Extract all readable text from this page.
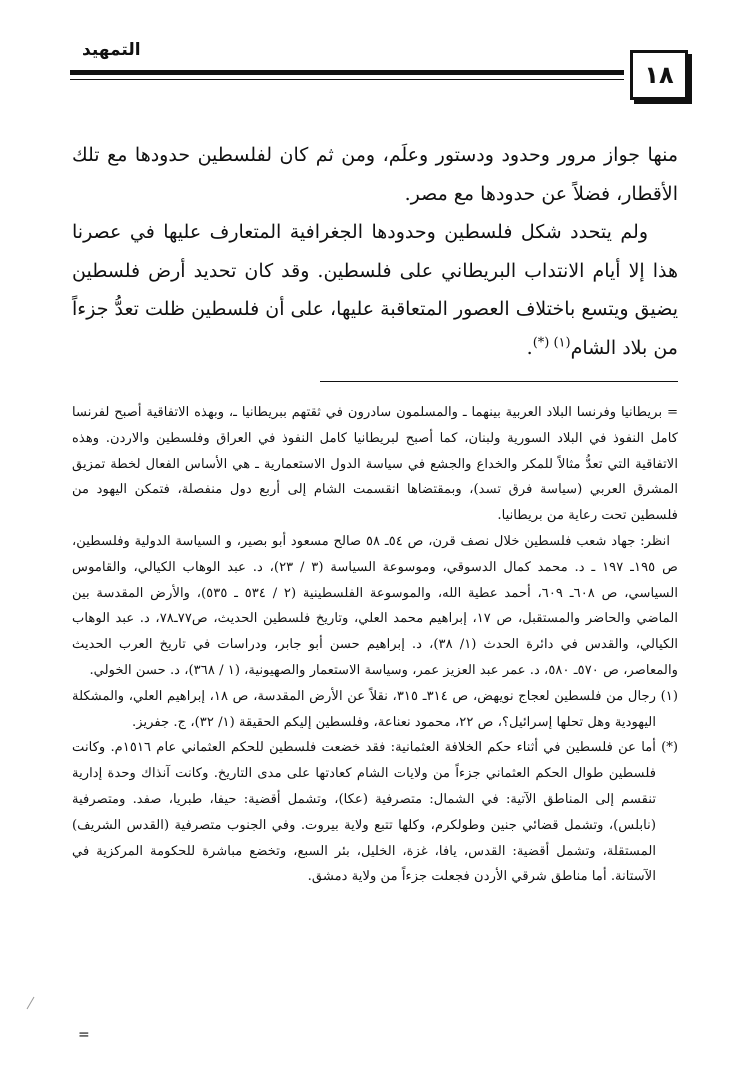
التمهيد
١٨

منها جواز مرور وحدود ودستور وعلَم، ومن ثم كان لفلسطين حدودها مع تلك الأقطار، فضلاً عن حدودها مع مصر.

ولم يتحدد شكل فلسطين وحدودها الجغرافية المتعارف عليها في عصرنا هذا إلا أيام الانتداب البريطاني على فلسطين. وقد كان تحديد أرض فلسطين يضيق ويتسع باختلاف العصور المتعاقبة عليها، على أن فلسطين ظلت تعدُّ جزءاً من بلاد الشام$^{(١) (*)}$.

= بريطانيا وفرنسا البلاد العربية بينهما ـ والمسلمون سادرون في ثقتهم ببريطانيا ـ، وبهذه الاتفاقية أصبح لفرنسا كامل النفوذ في البلاد السورية ولبنان، كما أصبح لبريطانيا كامل النفوذ في العراق وفلسطين والاردن. وهذه الاتفاقية التي تعدُّ مثالاً للمكر والخداع والجشع في سياسة الدول الاستعمارية ـ هي الأساس الفعال لخطة تمزيق المشرق العربي (سياسة فرق تسد)، وبمقتضاها انقسمت الشام إلى أربع دول منفصلة، فتمكن اليهود من فلسطين تحت رعاية من بريطانيا.

انظر: جهاد شعب فلسطين خلال نصف قرن، ص ٥٤ـ ٥٨ صالح مسعود أبو بصير، و السياسة الدولية وفلسطين، ص ١٩٥ـ ١٩٧ ـ د. محمد كمال الدسوقي، وموسوعة السياسة (٣ / ٢٣)، د. عبد الوهاب الكيالي، والقاموس السياسي، ص ٦٠٨ـ ٦٠٩، أحمد عطية الله، والموسوعة الفلسطينية (٢ / ٥٣٤ ـ ٥٣٥)، والأرض المقدسة بين الماضي والحاضر والمستقبل، ص ١٧، إبراهيم محمد العلي، وتاريخ فلسطين الحديث، ص٧٧ـ٧٨، د. عبد الوهاب الكيالي، والقدس في دائرة الحدث (١/ ٣٨)، د. إبراهيم حسن أبو جابر، ودراسات في تاريخ العرب الحديث والمعاصر، ص ٥٧٠ـ ٥٨٠، د. عمر عبد العزيز عمر، وسياسة الاستعمار والصهيونية، (١ / ٣٦٨)، د. حسن الخولي.

(١) رجال من فلسطين لعجاج نويهض، ص ٣١٤ـ ٣١٥، نقلاً عن الأرض المقدسة، ص ١٨، إبراهيم العلي، والمشكلة اليهودية وهل تحلها إسرائيل؟، ص ٢٢، محمود نعناعة، وفلسطين إليكم الحقيقة (١/ ٣٢)، ج. جفريز.

(*) أما عن فلسطين في أثناء حكم الخلافة العثمانية: فقد خضعت فلسطين للحكم العثماني عام ١٥١٦م. وكانت فلسطين طوال الحكم العثماني جزءاً من ولايات الشام كعادتها على مدى التاريخ. وكانت آنذاك وحدة إدارية تنقسم إلى المناطق الآتية: في الشمال: متصرفية (عكا)، وتشمل أقضية: حيفا، طبريا، صفد. ومتصرفية (نابلس)، وتشمل قضائي جنين وطولكرم، وكلها تتبع ولاية بيروت. وفي الجنوب متصرفية (القدس الشريف) المستقلة، وتشمل أقضية: القدس، يافا، غزة، الخليل، بئر السبع، وتخضع مباشرة للحكومة المركزية في الآستانة. أما مناطق شرقي الأردن فجعلت جزءاً من ولاية دمشق.

=
